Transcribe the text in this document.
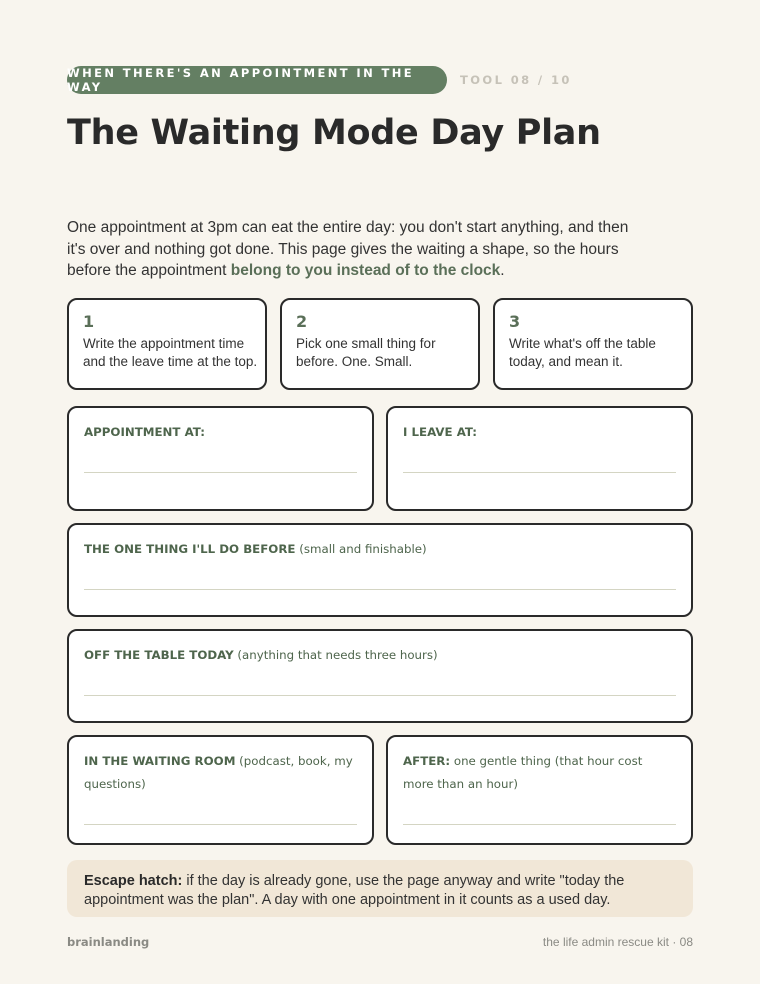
WHEN THERE'S AN APPOINTMENT IN THE WAY	TOOL 08 / 10
The Waiting Mode Day Plan

One appointment at 3pm can eat the entire day: you don't start anything, and then it's over and nothing got done. This page gives the waiting a shape, so the hours before the appointment belong to you instead of to the clock.

1
Write the appointment time and the leave time at the top.
2
Pick one small thing for before. One. Small.
3
Write what's off the table today, and mean it.
APPOINTMENT AT:	I LEAVE AT:
THE ONE THING I'LL DO BEFORE (small and finishable)
OFF THE TABLE TODAY (anything that needs three hours)
IN THE WAITING ROOM (podcast, book, my questions)
AFTER: one gentle thing (that hour cost more than an hour)
Escape hatch: if the day is already gone, use the page anyway and write "today the appointment was the plan". A day with one appointment in it counts as a used day.
brainlanding	the life admin rescue kit · 08
